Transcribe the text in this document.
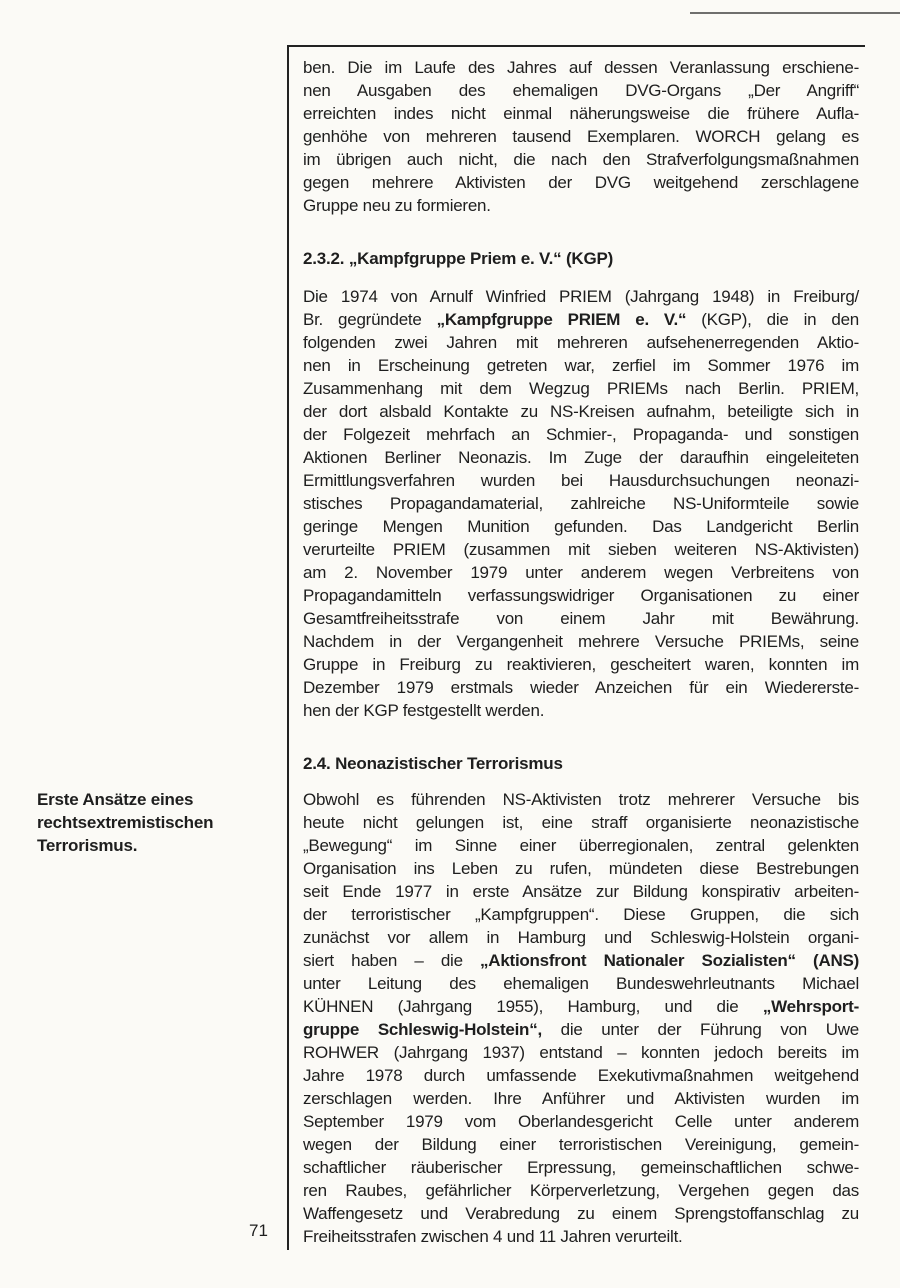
ben. Die im Laufe des Jahres auf dessen Veranlassung erschiene-
nen Ausgaben des ehemaligen DVG-Organs „Der Angriff“
erreichten indes nicht einmal näherungsweise die frühere Aufla-
genhöhe von mehreren tausend Exemplaren. WORCH gelang es
im übrigen auch nicht, die nach den Strafverfolgungsmaßnahmen
gegen mehrere Aktivisten der DVG weitgehend zerschlagene
Gruppe neu zu formieren.
2.3.2. „Kampfgruppe Priem e. V.“ (KGP)
Die 1974 von Arnulf Winfried PRIEM (Jahrgang 1948) in Freiburg/
Br. gegründete „Kampfgruppe PRIEM e. V.“ (KGP), die in den
folgenden zwei Jahren mit mehreren aufsehenerregenden Aktio-
nen in Erscheinung getreten war, zerfiel im Sommer 1976 im
Zusammenhang mit dem Wegzug PRIEMs nach Berlin. PRIEM,
der dort alsbald Kontakte zu NS-Kreisen aufnahm, beteiligte sich in
der Folgezeit mehrfach an Schmier-, Propaganda- und sonstigen
Aktionen Berliner Neonazis. Im Zuge der daraufhin eingeleiteten
Ermittlungsverfahren wurden bei Hausdurchsuchungen neonazi-
stisches Propagandamaterial, zahlreiche NS-Uniformteile sowie
geringe Mengen Munition gefunden. Das Landgericht Berlin
verurteilte PRIEM (zusammen mit sieben weiteren NS-Aktivisten)
am 2. November 1979 unter anderem wegen Verbreitens von
Propagandamitteln verfassungswidriger Organisationen zu einer
Gesamtfreiheitsstrafe von einem Jahr mit Bewährung.
Nachdem in der Vergangenheit mehrere Versuche PRIEMs, seine
Gruppe in Freiburg zu reaktivieren, gescheitert waren, konnten im
Dezember 1979 erstmals wieder Anzeichen für ein Wiedererste-
hen der KGP festgestellt werden.
2.4. Neonazistischer Terrorismus
Obwohl es führenden NS-Aktivisten trotz mehrerer Versuche bis
heute nicht gelungen ist, eine straff organisierte neonazistische
„Bewegung“ im Sinne einer überregionalen, zentral gelenkten
Organisation ins Leben zu rufen, mündeten diese Bestrebungen
seit Ende 1977 in erste Ansätze zur Bildung konspirativ arbeiten-
der terroristischer „Kampfgruppen“. Diese Gruppen, die sich
zunächst vor allem in Hamburg und Schleswig-Holstein organi-
siert haben – die „Aktionsfront Nationaler Sozialisten“ (ANS)
unter Leitung des ehemaligen Bundeswehrleutnants Michael
KÜHNEN (Jahrgang 1955), Hamburg, und die „Wehrsport-
gruppe Schleswig-Holstein“, die unter der Führung von Uwe
ROHWER (Jahrgang 1937) entstand – konnten jedoch bereits im
Jahre 1978 durch umfassende Exekutivmaßnahmen weitgehend
zerschlagen werden. Ihre Anführer und Aktivisten wurden im
September 1979 vom Oberlandesgericht Celle unter anderem
wegen der Bildung einer terroristischen Vereinigung, gemein-
schaftlicher räuberischer Erpressung, gemeinschaftlichen schwe-
ren Raubes, gefährlicher Körperverletzung, Vergehen gegen das
Waffengesetz und Verabredung zu einem Sprengstoffanschlag zu
Freiheitsstrafen zwischen 4 und 11 Jahren verurteilt.
Erste Ansätze eines
rechtsextremistischen
Terrorismus.
71
